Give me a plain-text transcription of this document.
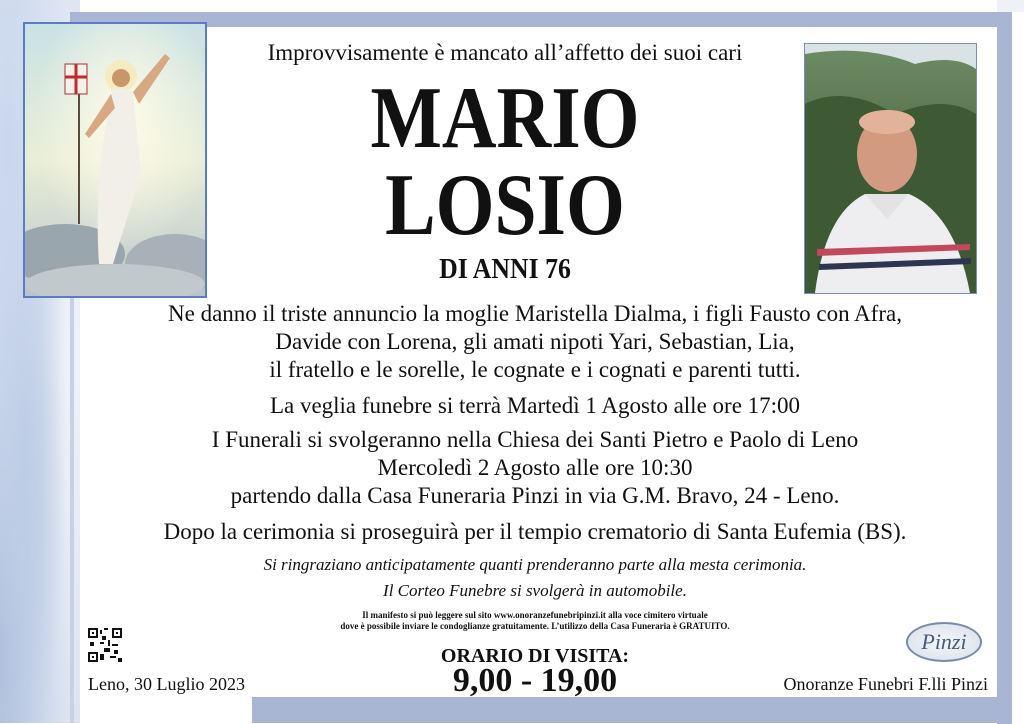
Improvvisamente è mancato all’affetto dei suoi cari
MARIO
LOSIO
DI ANNI 76
Ne danno il triste annuncio la moglie Maristella Dialma, i figli Fausto con Afra,
Davide con Lorena, gli amati nipoti Yari, Sebastian, Lia,
il fratello e le sorelle, le cognate e i cognati e parenti tutti.
La veglia funebre si terrà Martedì 1 Agosto alle ore 17:00
I Funerali si svolgeranno nella Chiesa dei Santi Pietro e Paolo di Leno
Mercoledì 2 Agosto alle ore 10:30
partendo dalla Casa Funeraria Pinzi in via G.M. Bravo, 24 - Leno.
Dopo la cerimonia si proseguirà per il tempio crematorio di Santa Eufemia (BS).
Si ringraziano anticipatamente quanti prenderanno parte alla mesta cerimonia.
Il Corteo Funebre si svolgerà in automobile.
Il manifesto si può leggere sul sito www.onoranzefunebripinzi.it alla voce cimitero virtuale
dove è possibile inviare le condoglianze gratuitamente. L’utilizzo della Casa Funeraria è GRATUITO.
Pinzi
ORARIO DI VISITA:
9,00 - 19,00
Leno, 30 Luglio 2023	Onoranze Funebri F.lli Pinzi
